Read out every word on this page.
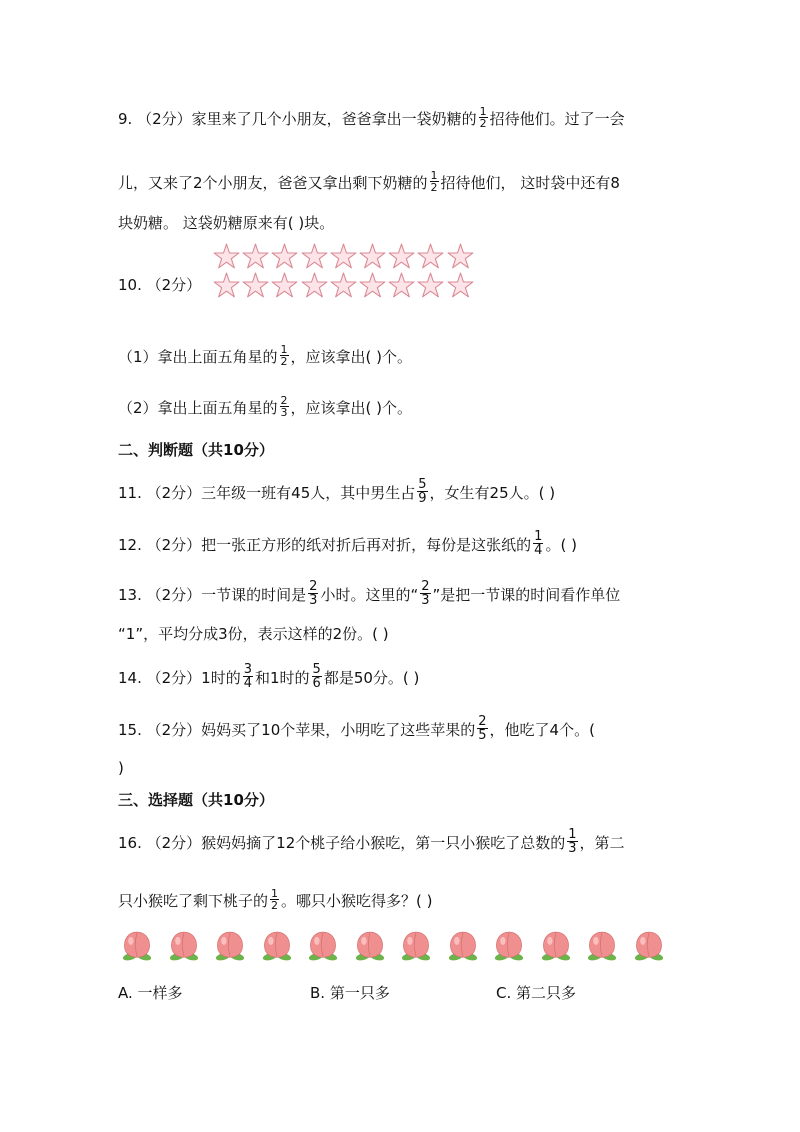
9. （2分）家里来了几个小朋友，爸爸拿出一袋奶糖的 $\frac{1}{2}$ 招待他们。过了一会
儿，又来了2个小朋友，爸爸又拿出剩下奶糖的 $\frac{1}{2}$ 招待他们， 这时袋中还有8
块奶糖。 这袋奶糖原来有( )块。
10. （2分）
（1）拿出上面五角星的 $\frac{1}{2}$ ，应该拿出( )个。
（2）拿出上面五角星的 $\frac{2}{3}$ ，应该拿出( )个。
二、判断题（共10分）
11. （2分）三年级一班有45人，其中男生占 $\frac{5}{9}$ ，女生有25人。( )
12. （2分）把一张正方形的纸对折后再对折，每份是这张纸的 $\frac{1}{4}$ 。( )
13. （2分）一节课的时间是 $\frac{2}{3}$ 小时。这里的“ $\frac{2}{3}$ ”是把一节课的时间看作单位
“1”，平均分成3份，表示这样的2份。( )
14. （2分）1时的 $\frac{3}{4}$ 和1时的 $\frac{5}{6}$ 都是50分。( )
15. （2分）妈妈买了10个苹果，小明吃了这些苹果的 $\frac{2}{5}$ ，他吃了4个。(
)
三、选择题（共10分）
16. （2分）猴妈妈摘了12个桃子给小猴吃，第一只小猴吃了总数的 $\frac{1}{3}$ ，第二
只小猴吃了剩下桃子的 $\frac{1}{2}$ 。哪只小猴吃得多？( )
A. 一样多	B. 第一只多	C. 第二只多
